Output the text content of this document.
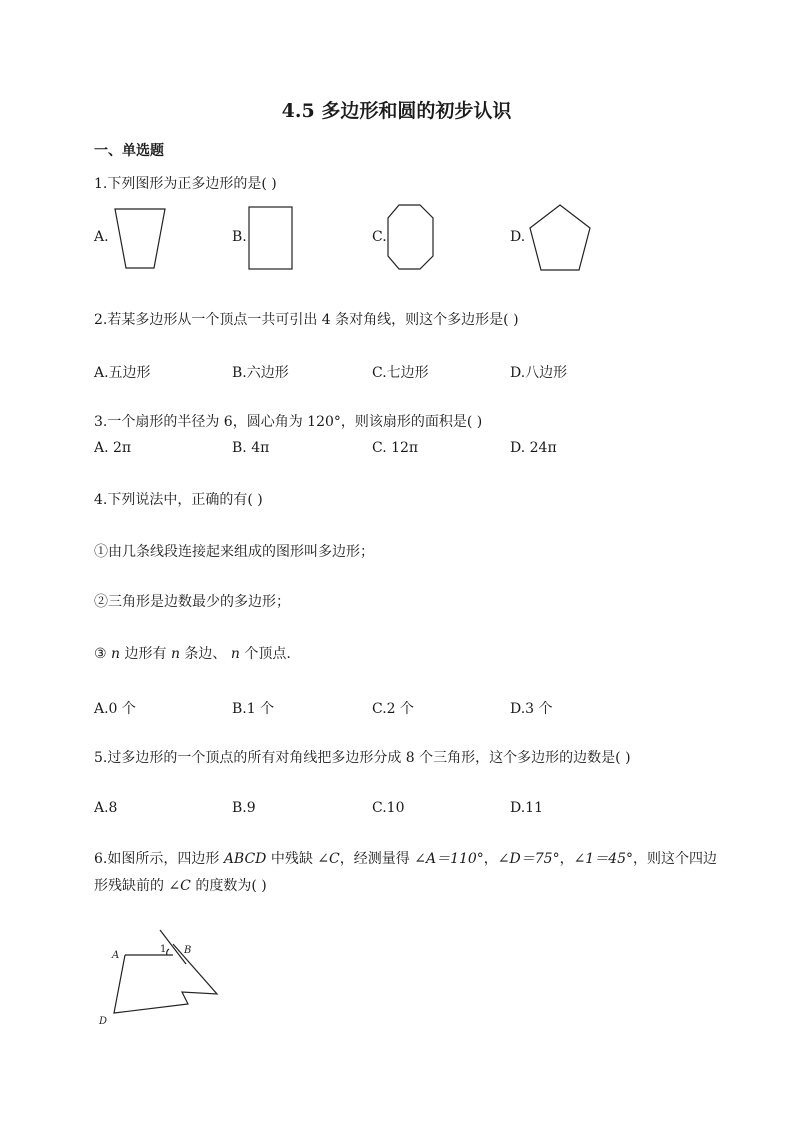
4.5 多边形和圆的初步认识
一、单选题
1.下列图形为正多边形的是( )
A.	B.	C.	D.
2.若某多边形从一个顶点一共可引出 4 条对角线，则这个多边形是( )
A.五边形	B.六边形	C.七边形	D.八边形
3.一个扇形的半径为 6，圆心角为 120°，则该扇形的面积是( )
A. 2π	B. 4π	C. 12π	D. 24π
4.下列说法中，正确的有( )
①由几条线段连接起来组成的图形叫多边形；
②三角形是边数最少的多边形；
③ n 边形有 n 条边、 n 个顶点.
A.0 个	B.1 个	C.2 个	D.3 个
5.过多边形的一个顶点的所有对角线把多边形分成 8 个三角形，这个多边形的边数是( )
A.8	B.9	C.10	D.11
6.如图所示，四边形 ABCD 中残缺 ∠C，经测量得 ∠A＝110°，∠D＝75°，∠1＝45°，则这个四边
形残缺前的 ∠C 的度数为( )
A	B
D
1
